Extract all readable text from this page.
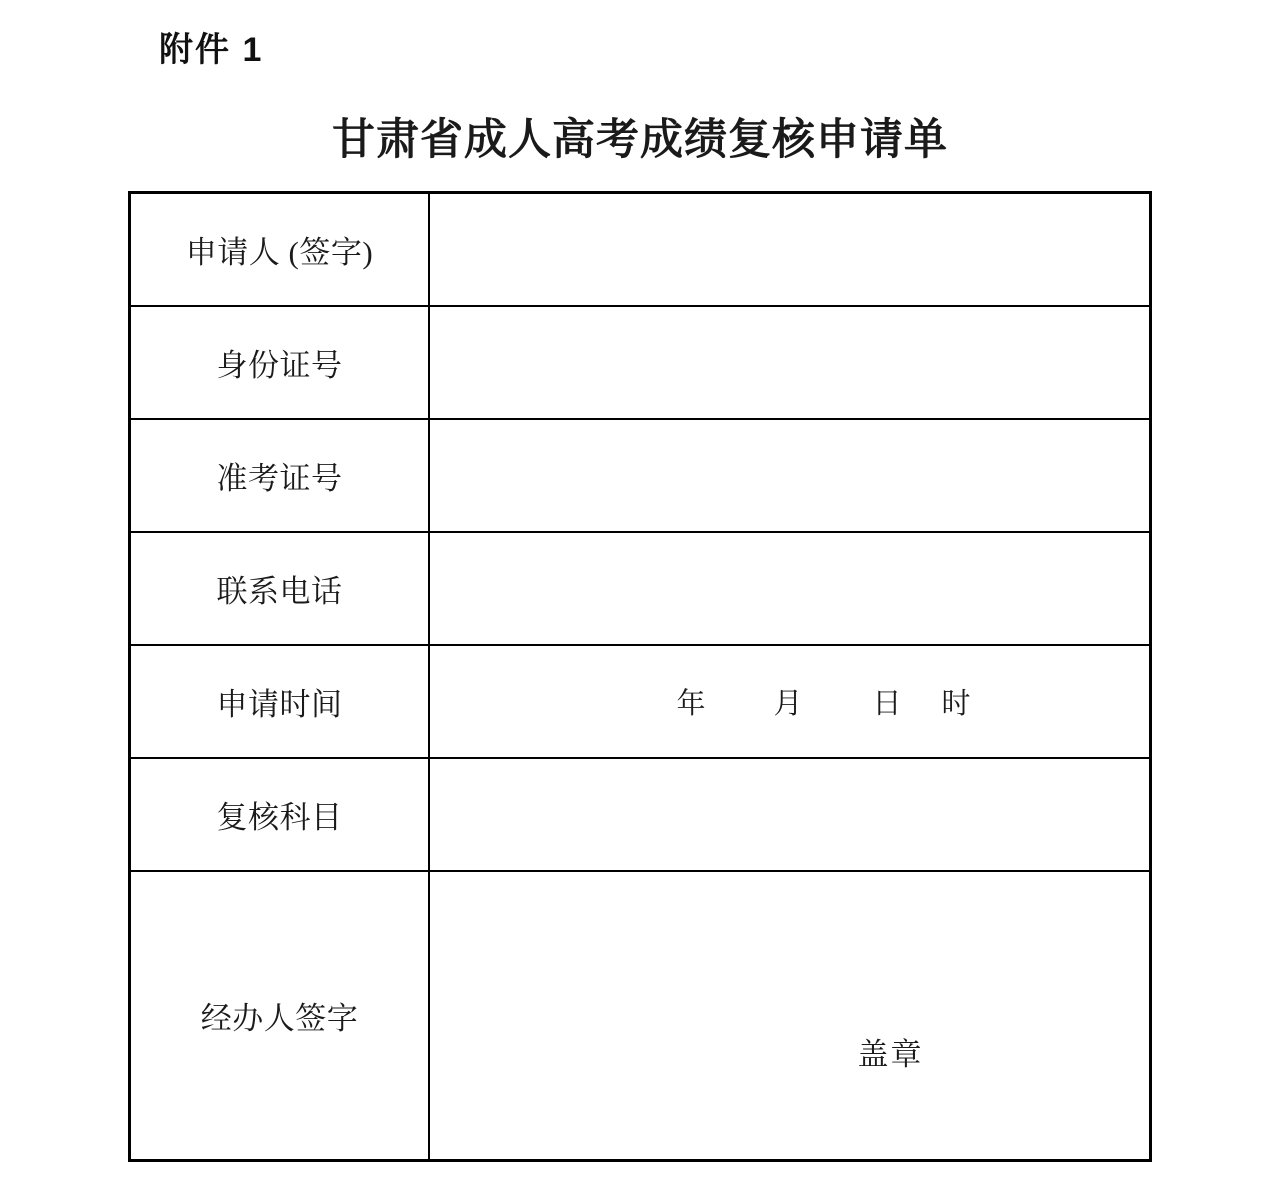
附件 1
甘肃省成人高考成绩复核申请单
申请人 (签字)
身份证号
准考证号
联系电话
申请时间	年 月 日 时
复核科目
经办人签字
盖章
